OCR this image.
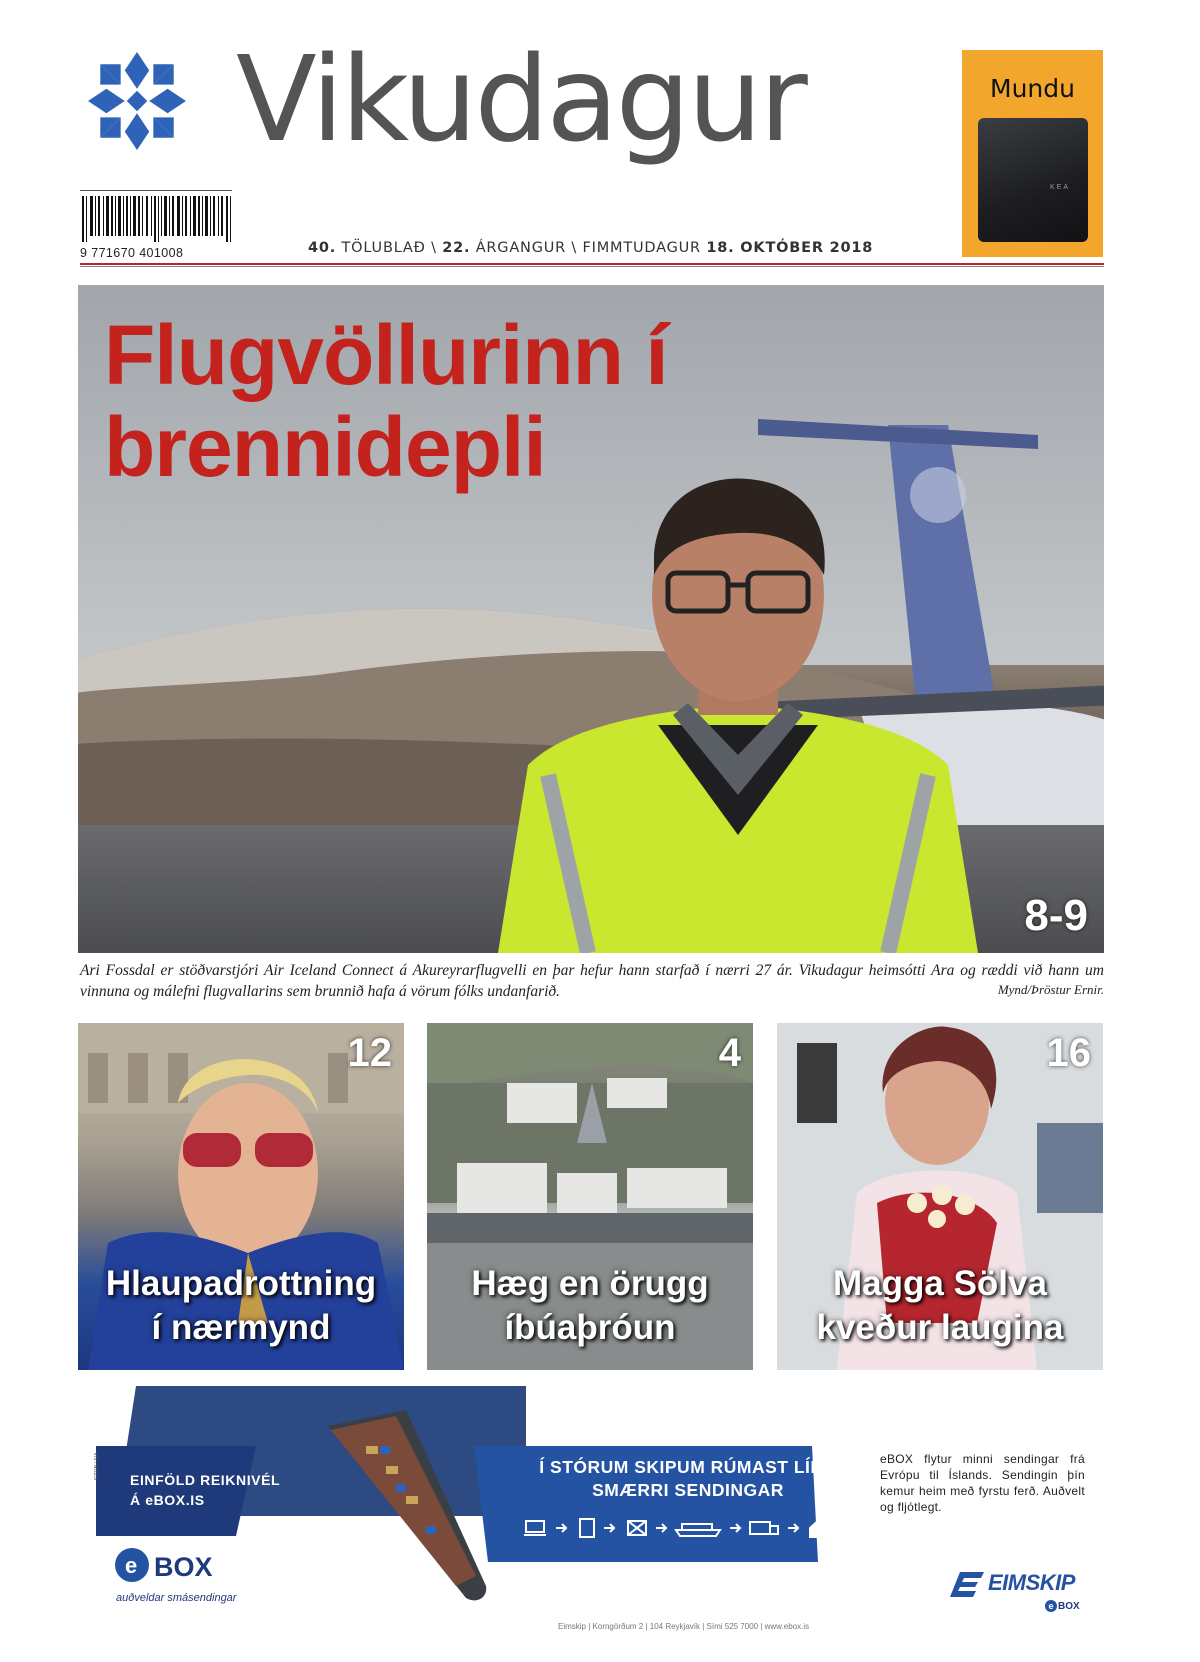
Vikudagur
9 771670 401008	40. TÖLUBLAÐ \ 22. ÁRGANGUR \ FIMMTUDAGUR 18. OKTÓBER 2018
Mundu
KEA
Flugvöllurinn í
brennidepli
8-9
Ari Fossdal er stöðvarstjóri Air Iceland Connect á Akureyrarflugvelli en þar hefur hann starfað í nærri 27 ár. Vikudagur heimsótti Ara og ræddi við hann um vinnuna og málefni flugvallarins sem brunnið hafa á vörum fólks undanfarið.	Mynd/Þröstur Ernir.
12
Hlaupadrottning
í nærmynd
4
Hæg en örugg
íbúaþróun
16
Magga Sölva
kveður laugina
KITON / SIA EINFÖLD REIKNIVÉL
Á eBOX.IS
e BOX
auðveldar smásendingar
Í STÓRUM SKIPUM RÚMAST LÍKA
SMÆRRI SENDINGAR
eBOX flytur minni sendingar frá Evrópu til Íslands. Sendingin þín kemur heim með fyrstu ferð. Auðvelt og fljótlegt.
Eimskip | Korngörðum 2 | 104 Reykjavík | Sími 525 7000 | www.ebox.is
EIMSKIP
e BOX
